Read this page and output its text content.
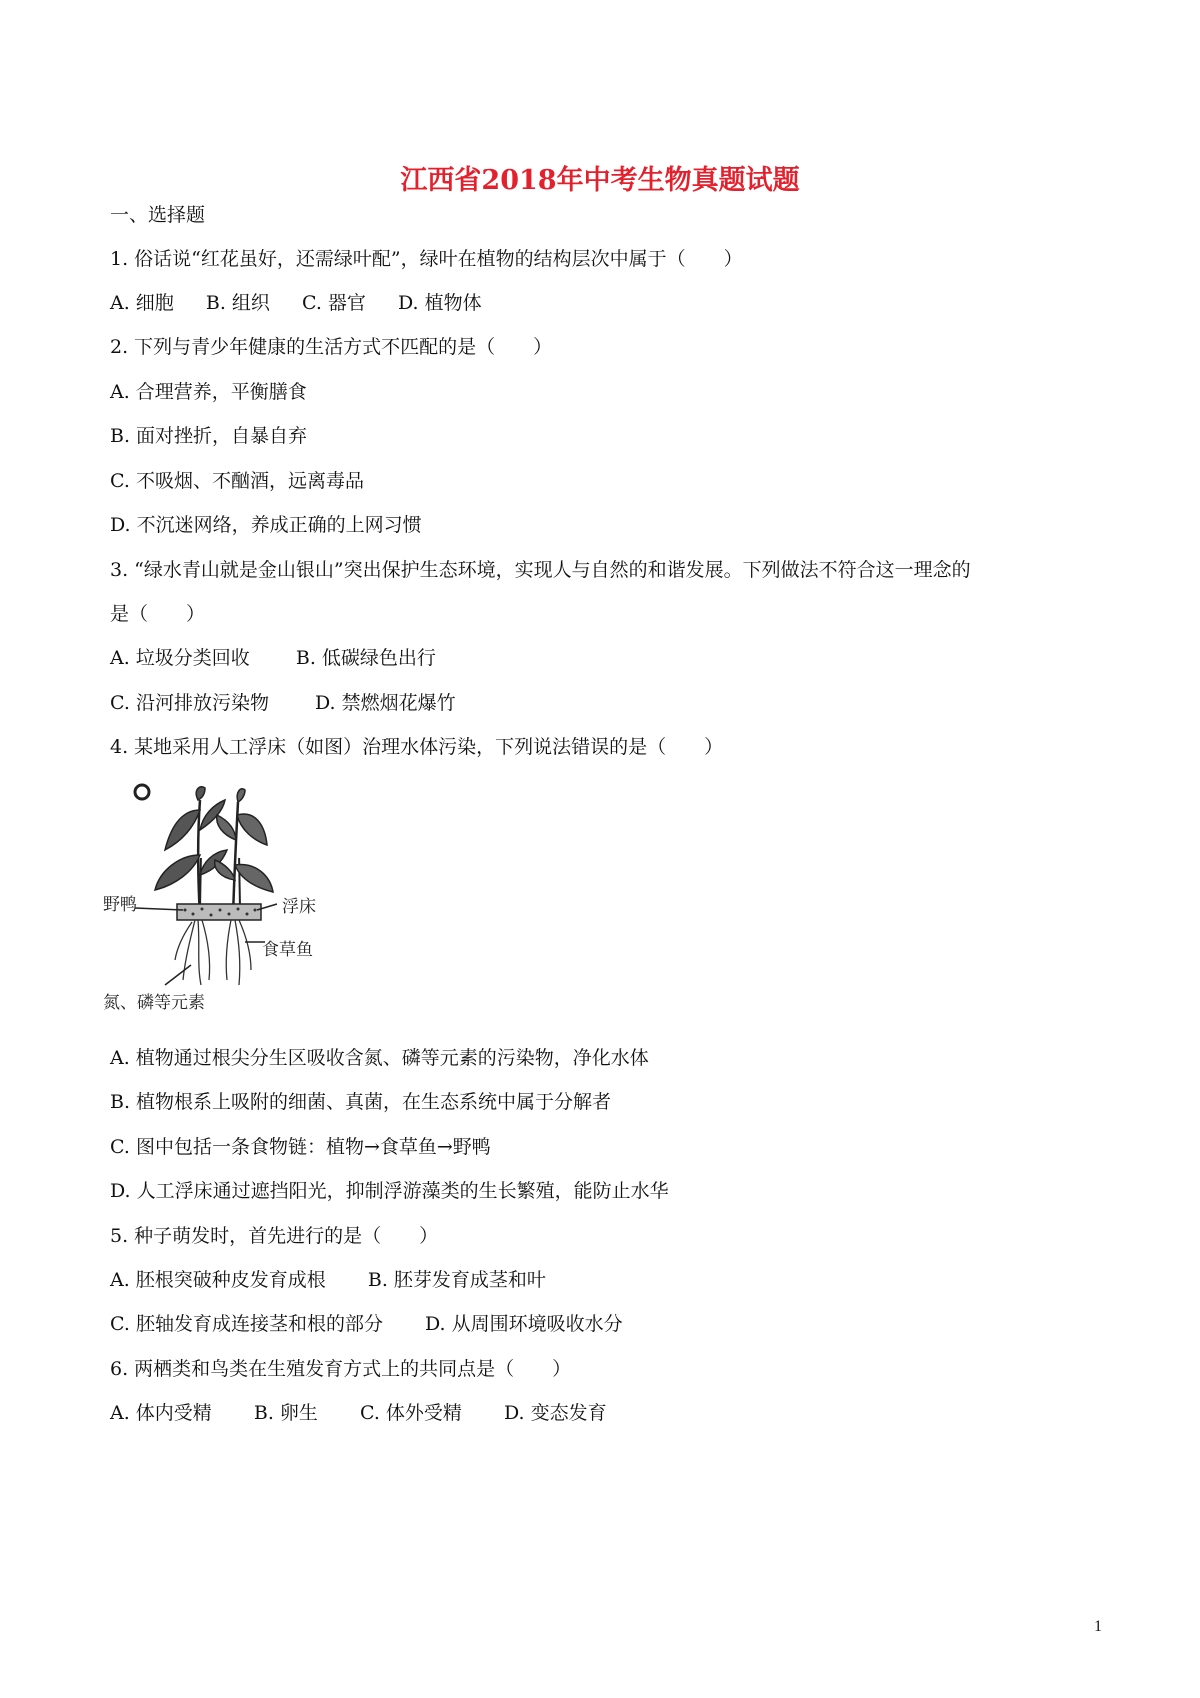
江西省2018年中考生物真题试题
一、选择题
1. 俗话说“红花虽好，还需绿叶配”，绿叶在植物的结构层次中属于（　　）
A. 细胞 B. 组织 C. 器官 D. 植物体
2. 下列与青少年健康的生活方式不匹配的是（　　）
A. 合理营养，平衡膳食
B. 面对挫折，自暴自弃
C. 不吸烟、不酗酒，远离毒品
D. 不沉迷网络，养成正确的上网习惯
3. “绿水青山就是金山银山”突出保护生态环境，实现人与自然的和谐发展。下列做法不符合这一理念的
是（　　）
A. 垃圾分类回收 B. 低碳绿色出行
C. 沿河排放污染物 D. 禁燃烟花爆竹
4. 某地采用人工浮床（如图）治理水体污染，下列说法错误的是（　　）
野鸭	浮床
食草鱼
氮、磷等元素
A. 植物通过根尖分生区吸收含氮、磷等元素的污染物，净化水体
B. 植物根系上吸附的细菌、真菌，在生态系统中属于分解者
C. 图中包括一条食物链：植物→食草鱼→野鸭
D. 人工浮床通过遮挡阳光，抑制浮游藻类的生长繁殖，能防止水华
5. 种子萌发时，首先进行的是（　　）
A. 胚根突破种皮发育成根 B. 胚芽发育成茎和叶
C. 胚轴发育成连接茎和根的部分 D. 从周围环境吸收水分
6. 两栖类和鸟类在生殖发育方式上的共同点是（　　）
A. 体内受精 B. 卵生 C. 体外受精 D. 变态发育
1
